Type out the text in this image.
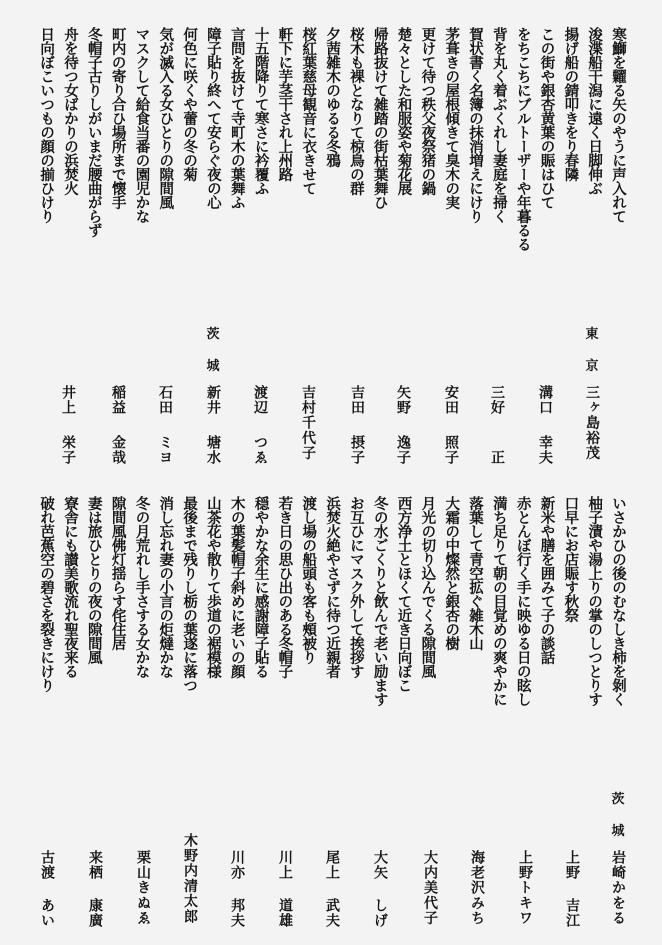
寒鰤を糶る矢のやうに声入れて
浚渫船干潟に遠く日脚伸ぶ
揚げ船の錆叩きをり春隣
この街や銀杏黄葉の賑はひて
をちこちにブルトーザーや年暮るる
背を丸く着ぶくれし妻庭を掃く
賀状書く名簿の抹消増えにけり
茅葺きの屋根傾きて臭木の実
更けて待つ秩父夜祭猪の鍋
楚々とした和服姿や菊花展
帰路抜けて雑踏の街枯葉舞ひ
桜木も裸となりて椋鳥の群
夕茜雑木のゆるる冬鴉
桜紅葉慈母観音に衣きせて
軒下に芋茎干され上州路
十五階降りて寒さに衿覆ふ
言問を抜けて寺町木の葉舞ふ
障子貼り終へて安らぐ夜の心
何色に咲くや蕾の冬の菊
気が滅入る女ひとりの隙間風
マスクして給食当番の園児かな
町内の寄り合ひ場所まで懐手
冬帽子古りしがいまだ腰曲がらず
舟を待つ女ばかりの浜焚火
日向ぼこいつもの顔の揃ひけり
いさかひの後のむなしき柿を剝く
柚子漬や湯上りの掌のしつとりす
口早にお店賑す秋祭
新米や膳を囲みて子の談話
赤とんぼ行く手に映ゆる日の眩し
満ち足りて朝の目覚めの爽やかに
落葉して青空拡ぐ雑木山
大霜の中燦然と銀杏の樹
月光の切り込んでくる隙間風
西方浄土とほくて近き日向ぼこ
冬の水ごくりと飲んで老い励ます
お互ひにマスク外して挨拶す
浜焚火絶やさずに待つ近親者
渡し場の船頭も客も頰被り
若き日の思ひ出のある冬帽子
穏やかな余生に感謝障子貼る
木の葉髪帽子斜めに老いの顔
山茶花や散りて歩道の裾模様
最後まで残りし栃の葉遂に落つ
消し忘れ妻の小言の炬燵かな
冬の月荒れし手さする女かな
隙間風佛灯揺らす侘住居
妻は旅ひとりの夜の隙間風
寮舎にも讃美歌流れ聖夜来る
破れ芭蕉空の碧さを裂きにけり
三ヶ島裕茂
溝口
幸夫
三好
正
安田
照子
矢野
逸子
吉田
摂子
吉村千代子
渡辺
つゑ
新井
塘水
石田
ミヨ
稲益
金哉
井上
栄子
東
京
茨
城
岩崎かをる
上野
吉江
上野トキワ
海老沢みち
大内美代子
大矢
しげ
尾上
武夫
川上
道雄
川亦
邦夫
木野内清太郎
栗山きぬゑ
来栖
康廣
古渡
あい
茨
城
